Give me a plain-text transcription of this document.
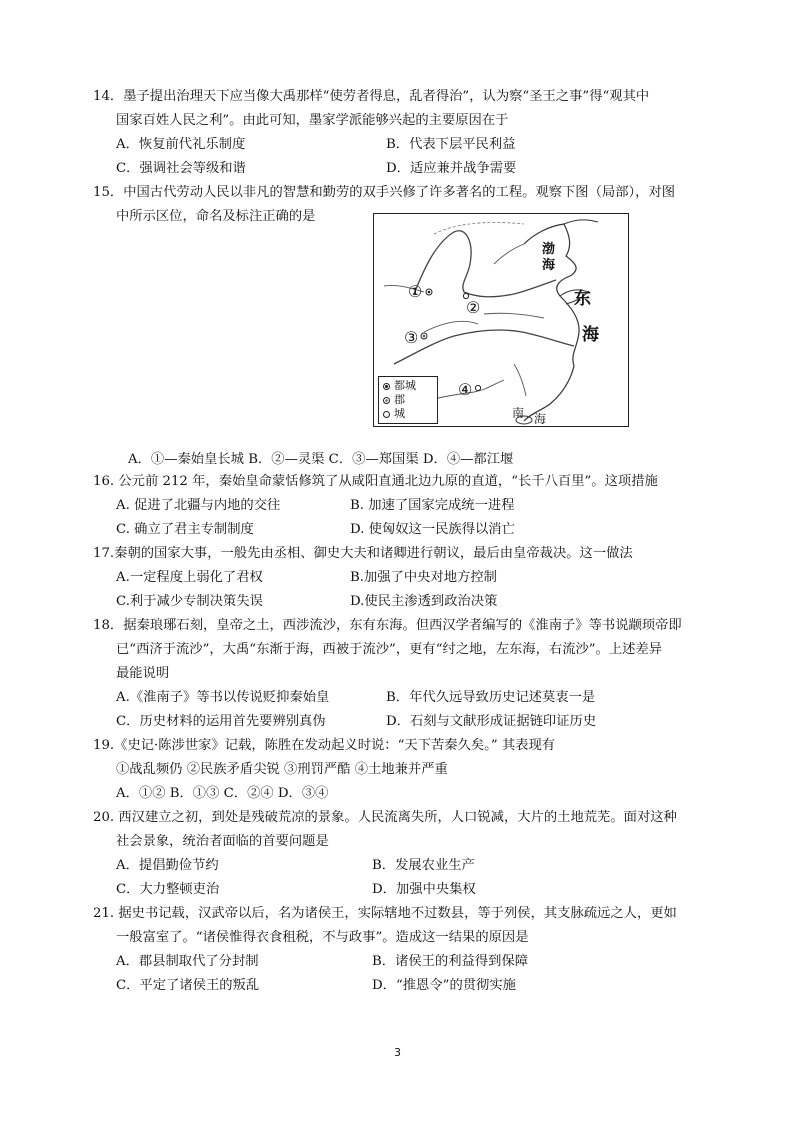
14．墨子提出治理天下应当像大禹那样“使劳者得息，乱者得治”，认为察“圣王之事”得“观其中
国家百姓人民之利”。由此可知，墨家学派能够兴起的主要原因在于
A．恢复前代礼乐制度	B．代表下层平民利益
C．强调社会等级和谐	D．适应兼并战争需要
15．中国古代劳动人民以非凡的智慧和勤劳的双手兴修了许多著名的工程。观察下图（局部），对图
中所示区位，命名及标注正确的是
渤
海
东
海
南 海
①
②
③
④
都城
郡
城
A．①—秦始皇长城 B．②—灵渠 C．③—郑国渠 D．④—都江堰
16. 公元前 212 年，秦始皇命蒙恬修筑了从咸阳直通北边九原的直道，“长千八百里”。这项措施
A. 促进了北疆与内地的交往	B. 加速了国家完成统一进程
C. 确立了君主专制制度	D. 使匈奴这一民族得以消亡
17.秦朝的国家大事，一般先由丞相、御史大夫和诸卿进行朝议，最后由皇帝裁决。这一做法
A.一定程度上弱化了君权	B.加强了中央对地方控制
C.利于减少专制决策失误	D.使民主渗透到政治决策
18．据秦琅琊石刻，皇帝之土，西涉流沙，东有东海。但西汉学者编写的《淮南子》等书说颛顼帝即
已“西济于流沙”，大禹“东渐于海，西被于流沙”，更有“纣之地，左东海，右流沙”。上述差异
最能说明
A.《淮南子》等书以传说贬抑秦始皇	B．年代久远导致历史记述莫衷一是
C．历史材料的运用首先要辨别真伪	D．石刻与文献形成证据链印证历史
19.《史记·陈涉世家》记载，陈胜在发动起义时说：“天下苦秦久矣。” 其表现有
①战乱频仍 ②民族矛盾尖锐 ③刑罚严酷 ④土地兼并严重
A．①② B．①③ C．②④ D．③④
20. 西汉建立之初，到处是残破荒凉的景象。人民流离失所，人口锐减，大片的土地荒芜。面对这种
社会景象，统治者面临的首要问题是
A．提倡勤俭节约	B．发展农业生产
C．大力整顿吏治	D．加强中央集权
21. 据史书记载，汉武帝以后，名为诸侯王，实际辖地不过数县，等于列侯，其支脉疏远之人，更如
一般富室了。“诸侯惟得衣食租税，不与政事”。造成这一结果的原因是
A．郡县制取代了分封制	B．诸侯王的利益得到保障
C．平定了诸侯王的叛乱	D．“推恩令”的贯彻实施
3
